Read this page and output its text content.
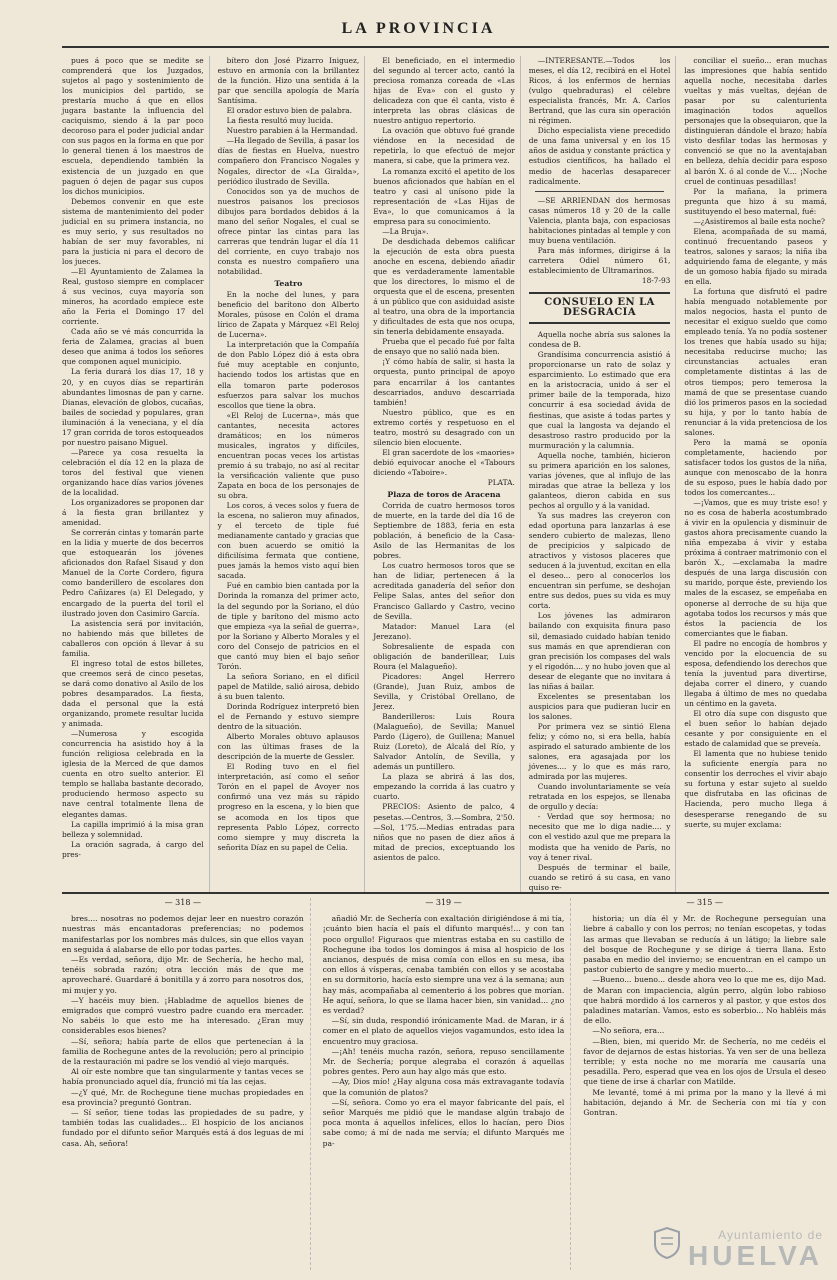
LA PROVINCIA

pues á poco que se medite se comprenderá que los Juzgados, sujetos al pago y sostenimiento de los municipios del partido, se prestaría mucho á que en ellos jugara bastante la influencia del caciquismo, siendo á la par poco decoroso para el poder judicial andar con sus pagos en la forma en que por lo general tienen á los maestros de escuela, dependiendo también la existencia de un juzgado en que paguen ó dejen de pagar sus cupos los dichos municipios.

Debemos convenir en que este sistema de mantenimiento del poder judicial en su primera instancia, no es muy serio, y sus resultados no habían de ser muy favorables, ni para la justicia ni para el decoro de los jueces.

—El Ayuntamiento de Zalamea la Real, gustoso siempre en complacer á sus vecinos, cuya mayoría son mineros, ha acordado empiece este año la Feria el Domingo 17 del corriente.

Cada año se vé más concurrida la feria de Zalamea, gracias al buen deseo que anima á todos los señores que componen aquel municipio.

La feria durará los días 17, 18 y 20, y en cuyos días se repartirán abundantes limosnas de pan y carne. Dianas, elevación de globos, cucañas, bailes de sociedad y populares, gran iluminación á la veneciana, y el día 17 gran corrida de toros estoqueados por nuestro paisano Miguel.

—Parece ya cosa resuelta la celebración el día 12 en la plaza de toros del festival que vienen organizando hace días varios jóvenes de la localidad.

Los organizadores se proponen dar á la fiesta gran brillantez y amenidad.

Se correrán cintas y tomarán parte en la lidia y muerte de dos becerros que estoquearán los jóvenes aficionados don Rafael Sisaud y don Manuel de la Corte Cordero, figura como banderillero de escolares don Pedro Cañizares (a) El Delegado, y encargado de la puerta del toril el ilustrado joven don Casimiro García.

La asistencia será por invitación, no habiendo más que billetes de caballeros con opción á llevar á su familia.

El ingreso total de estos billetes, que creemos será de cinco pesetas, se dará como donativo al Asilo de los pobres desamparados. La fiesta, dada el personal que la está organizando, promete resultar lucida y animada.

—Numerosa y escogida concurrencia ha asistido hoy á la función religiosa celebrada en la iglesia de la Merced de que damos cuenta en otro suelto anterior. El templo se hallaba bastante decorado, produciendo hermoso aspecto su nave central totalmente llena de elegantes damas.

La capilla imprimió á la misa gran belleza y solemnidad.

La oración sagrada, á cargo del pres-

bítero don José Pizarro Iniguez, estuvo en armonía con la brillantez de la función. Hizo una sentida á la par que sencilla apología de María Santísima.

El orador estuvo bien de palabra.

La fiesta resultó muy lucida.

Nuestro parabien á la Hermandad.

—Ha llegado de Sevilla, á pasar los días de fiestas en Huelva, nuestro compañero don Francisco Nogales y Nogales, director de «La Giralda», periódico ilustrado de Sevilla.

Conocidos son ya de muchos de nuestros paisanos los preciosos dibujos para bordados debidos á la mano del señor Nogales, el cual se ofrece pintar las cintas para las carreras que tendrán lugar el día 11 del corriente, en cuyo trabajo nos consta es nuestro compañero una notabilidad.

Teatro

En la noche del lunes, y para beneficio del barítono don Alberto Morales, púsose en Colón el drama lírico de Zapata y Márquez «El Reloj de Lucerna».

La interpretación que la Compañía de don Pablo López dió á esta obra fué muy aceptable en conjunto, haciendo todos los artistas que en ella tomaron parte poderosos esfuerzos para salvar los muchos escollos que tiene la obra.

«El Reloj de Lucerna», más que cantantes, necesita actores dramáticos; en los números musicales, ingratos y difíciles, encuentran pocas veces los artistas premio á su trabajo, no así al recitar la versificación valiente que puso Zapata en boca de los personajes de su obra.

Los coros, á veces solos y fuera de la escena, no salieron muy afinados, y el terceto de tiple fué medianamente cantado y gracias que con buen acuerdo se omitió la dificilísima fermata que contiene, pues jamás la hemos visto aquí bien sacada.

Fué en cambio bien cantada por la Dorinda la romanza del primer acto, la del segundo por la Soriano, el dúo de tiple y barítono del mismo acto que empieza «ya la señal de guerra», por la Soriano y Alberto Morales y el coro del Consejo de patricios en el que cantó muy bien el bajo señor Torón.

La señora Soriano, en el difícil papel de Matilde, salió airosa, debido á su buen talento.

Dorinda Rodríguez interpretó bien el de Fernando y estuvo siempre dentro de la situación.

Alberto Morales obtuvo aplausos con las últimas frases de la descripción de la muerte de Gessler.

El Roding tuvo en el fiel interpretación, así como el señor Torón en el papel de Avoyer nos confirmó una vez más su rápido progreso en la escena, y lo bien que se acomoda en los tipos que representa Pablo López, correcto como siempre y muy discreta la señorita Díaz en su papel de Celia.

El beneficiado, en el intermedio del segundo al tercer acto, cantó la preciosa romanza coreada de «Las hijas de Eva» con el gusto y delicadeza con que él canta, visto é interpreta las obras clásicas de nuestro antiguo repertorio.

La ovación que obtuvo fué grande viéndose en la necesidad de repetirla, lo que efectuó de mejor manera, si cabe, que la primera vez.

La romanza excitó el apetito de los buenos aficionados que habían en el teatro y casi al unísono pide la representación de «Las Hijas de Eva», lo que comunicamos á la empresa para su conocimiento.

—La Bruja».

De desdichada debemos calificar la ejecución de esta obra puesta anoche en escena, debiendo añadir que es verdaderamente lamentable que los directores, lo mismo el de orquesta que el de escena, presenten á un público que con asiduidad asiste al teatro, una obra de la importancia y dificultades de esta que nos ocupa, sin tenerla debidamente ensayada.

Prueba que el pecado fué por falta de ensayo que no salió nada bien.

¡Y cómo había de salir, si hasta la orquesta, punto principal de apoyo para encarrilar á los cantantes descarriados, anduvo descarriada también!

Nuestro público, que es en extremo cortés y respetuoso en el teatro, mostró su desagrado con un silencio bien elocuente.

El gran sacerdote de los «maories» debió equivocar anoche el «Tabours diciendo «Taboire».

PLATA.

Plaza de toros de Aracena

Corrida de cuatro hermosos toros de muerte, en la tarde del día 16 de Septiembre de 1883, feria en esta población, á beneficio de la Casa-Asilo de las Hermanitas de los pobres.

Los cuatro hermosos toros que se han de lidiar, pertenecen á la acreditada ganadería del señor don Felipe Salas, antes del señor don Francisco Gallardo y Castro, vecino de Sevilla.

Matador: Manuel Lara (el Jerezano).

Sobresaliente de espada con obligación de banderillear, Luis Roura (el Malagueño).

Picadores: Angel Herrero (Grande), Juan Ruiz, ambos de Sevilla, y Cristóbal Orellano, de Jerez.

Banderilleros: Luis Roura (Malagueño), de Sevilla; Manuel Pardo (Ligero), de Guillena; Manuel Ruiz (Loreto), de Alcalá del Río, y Salvador Antolín, de Sevilla, y además un puntillero.

La plaza se abrirá á las dos, empezando la corrida á las cuatro y cuarto.

PRECIOS: Asiento de palco, 4 pesetas.—Centros, 3.—Sombra, 2'50.—Sol, 1'75.—Medias entradas para niños que no pasen de diez años á mitad de precios, exceptuando los asientos de palco.

—INTERESANTE.—Todos los meses, el día 12, recibirá en el Hotel Ricos, á los enfermos de hernias (vulgo quebraduras) el célebre especialista francés, Mr. A. Carlos Bertrand, que las cura sin operación ni régimen.

Dicho especialista viene precedido de una fama universal y en los 15 años de asidua y constante práctica y estudios científicos, ha hallado el medio de hacerlas desaparecer radicalmente.

—SE ARRIENDAN dos hermosas casas números 18 y 20 de la calle Valencia, planta baja, con espaciosas habitaciones pintadas al temple y con muy buena ventilación.

Para más informes, dirigirse á la carretera Odiel número 61, establecimiento de Ultramarinos.

18-7-93

CONSUELO EN LA DESGRACIA

Aquella noche abría sus salones la condesa de B.

Grandísima concurrencia asistió á proporcionarse un rato de solaz y esparcimiento. Lo estimado que era en la aristocracia, unido á ser el primer baile de la temporada, hizo concurrir á esa sociedad ávida de fiestinas, que asiste á todas partes y que cual la langosta va dejando el desastroso rastro producido por la murmuración y la calumnia.

Aquella noche, también, hicieron su primera aparición en los salones, varias jóvenes, que al influjo de las miradas que atrae la belleza y los galanteos, dieron cabida en sus pechos al orgullo y á la vanidad.

Ya sus madres las creyeron con edad oportuna para lanzarlas á ese sendero cubierto de malezas, lleno de precipicios y salpicado de atractivos y vistosos placeres que seducen á la juventud, excitan en ella el deseo... pero al conocerlos los encuentran sin perfume, se deshojan entre sus dedos, pues su vida es muy corta.

Los jóvenes las admiraron bailando con exquisita finura paso sil, demasiado cuidado habían tenido sus mamás en que aprendieran con gran precisión los compases del wals y el rigodón.... y no hubo joven que al desear de elegante que no invitara á las niñas á bailar.

Excelentes se presentaban los auspicios para que pudieran lucir en los salones.

Por primera vez se sintió Elena feliz; y cómo no, si era bella, había aspirado el saturado ambiente de los salones, era agasajada por los jóvenes.... y lo que es más raro, admirada por las mujeres.

Cuando involuntariamente se veía retratada en los espejos, se llenaba de orgullo y decía:

- Verdad que soy hermosa; no necesito que me lo diga nadie.... y con el vestido azul que me prepara la modista que ha venido de París, no voy á tener rival.

Después de terminar el baile, cuando se retiró á su casa, en vano quiso re-

conciliar el sueño... eran muchas las impresiones que había sentido aquella noche, necesitaba darles vueltas y más vueltas, dejéan de pasar por su calenturienta imaginación todos aquellos personajes que la obsequiaron, que la distinguieran dándole el brazo; había visto desfilar todas las hermosas y convenció se que no la aventajaban en belleza, dehía decidir para esposo al barón X. ó al conde de V.... ¡Noche cruel de continuas pesadillas!

Por la mañana, la primera pregunta que hizo á su mamá, sustituyendo el beso maternal, fué:

—¿Asistiremos al baile esta noche?

Elena, acompañada de su mamá, continuó frecuentando paseos y teatros, salones y saraos; la niña iba adquiriendo fama de elegante, y más de un gomoso había fijado su mirada en ella.

La fortuna que disfrutó el padre había menguado notablemente por malos negocios, hasta el punto de necesitar el exiguo sueldo que como empleado tenía. Ya no podía sostener los trenes que había usado su hija; necesitaba reducirse mucho; las circunstancias actuales eran completamente distintas á las de otros tiempos; pero temerosa la mamá de que se presentase cuando dió los primeros pasos en la sociedad su hija, y por lo tanto había de renunciar á la vida pretenciosa de los salones.

Pero la mamá se oponía completamente, haciendo por satisfacer todos los gustos de la niña, aunque con menoscabo de la honra de su esposo, pues le había dado por todos los comercantes...

—¡Vamos, que es muy triste eso! y no es cosa de haberla acostumbrado á vivir en la opulencia y disminuir de gastos ahora precisamente cuando la niña empezaba á vivir y estaba próxima á contraer matrimonio con el barón X., —exclamaba la madre después de una larga discusión con su marido, porque éste, previendo los males de la escasez, se empeñaba en oponerse al derroche de su hija que agotaba todos los recursos y más que éstos la paciencia de los comerciantes que le fiaban.

El padre no encogía de hombros y vencido por la elocuencia de su esposa, defendiendo los derechos que tenía la juventud para divertirse, dejaba correr el dinero, y cuando llegaba á último de mes no quedaba un céntimo en la gaveta.

El otro día supe con disgusto que el buen señor lo habían dejado cesante y por consiguiente en el estado de calamidad que se preveía.

El lamenta que no hubiese tenido la suficiente energía para no consentir los derroches el vivir abajo su fortuna y estar sujeto al sueldo que disfrutaba en las oficinas de Hacienda, pero mucho llega á desesperarse renegando de su suerte, su mujer exclama:

— 318 —

bres.... nosotras no podemos dejar leer en nuestro corazón nuestras más encantadoras preferencias; no podemos manifestarlas por los nombres más dulces, sin que ellos vayan en seguida á alabarse de ello por todas partes.

—Es verdad, señora, dijo Mr. de Sechería, he hecho mal, tenéis sobrada razón; otra lección más de que me aprovecharé. Guardaré á bonitilla y á zorro para nosotros dos, mi mujer y yo.

—Y hacéis muy bien. ¡Habladme de aquellos bienes de emigrados que compró vuestro padre cuando era mercader. No sabéis lo que esto me ha interesado. ¿Eran muy considerables esos bienes?

—Sí, señora; había parte de ellos que pertenecían á la familia de Rochegune antes de la revolución; pero al principio de la restauración mi padre se los vendió al viejo marqués.

Al oír este nombre que tan singularmente y tantas veces se había pronunciado aquel día, frunció mi tía las cejas.

—¿Y qué, Mr. de Rochegune tiene muchas propiedades en esa provincia? preguntó Gontran.

— Sí señor, tiene todas las propiedades de su padre, y también todas las cualidades... El hospicio de los ancianos fundado por el difunto señor Marqués está á dos leguas de mi casa. Ah, señora!

— 319 —

añadió Mr. de Sechería con exaltación dirigiéndose á mi tía, ¡cuánto bien hacía el país el difunto marqués!... y con tan poco orgullo! Figuraos que mientras estaba en su castillo de Rochegune iba todos los domingos á misa al hospicio de los ancianos, después de misa comía con ellos en su mesa, iba con ellos á vísperas, cenaba también con ellos y se acostaba en su dormitorio, hacía esto siempre una vez á la semana; aun hay más, acompañaba al cementerio á los pobres que morían. He aquí, señora, lo que se llama hacer bien, sin vanidad... ¿no es verdad?

—Sí, sin duda, respondió irónicamente Mad. de Maran, ir á comer en el plato de aquellos viejos vagamundos, esto idea la encuentro muy graciosa.

—¡Ah! tenéis mucha razón, señora, repuso sencillamente Mr. de Sechería; porque alegraba el corazón á aquellas pobres gentes. Pero aun hay algo más que esto.

—Ay, Dios mío! ¿Hay alguna cosa más extravagante todavía que la comunión de platos?

—Sí, señora. Como yo era el mayor fabricante del país, el señor Marqués me pidió que le mandase algún trabajo de poca monta á aquellos infelices, ellos lo hacían, pero Dios sabe como; á mí de nada me servía; el difunto Marqués me pa-

— 315 —

historia; un día él y Mr. de Rochegune perseguían una liebre á caballo y con los perros; no tenían escopetas, y todas las armas que llevaban se reducía á un látigo; la liebre sale del bosque de Rochegune y se dirige á tierra llana. Esto pasaba en medio del invierno; se encuentran en el campo un pastor cubierto de sangre y medio muerto...

—Bueno... bueno... desde ahora veo lo que me es, dijo Mad. de Maran con impaciencia, algún perro, algún lobo rabioso que habrá mordido á los carneros y al pastor, y que estos dos paladines matarían. Vamos, esto es soberbio... No habléis más de ello.

—No señora, era...

—Bien, bien, mi querido Mr. de Sechería, no me cedéis el favor de dejarnos de estas historias. Ya ven ser de una belleza terrible; y esta noche no me moraría me causaría una pesadilla. Pero, esperad que vea en los ojos de Ursula el deseo que tiene de irse á charlar con Matilde.

Me levanté, tomé á mi prima por la mano y la llevé á mi habitación, dejando á Mr. de Sechería con mi tía y con Gontran.

Ayuntamiento de
HUELVA
